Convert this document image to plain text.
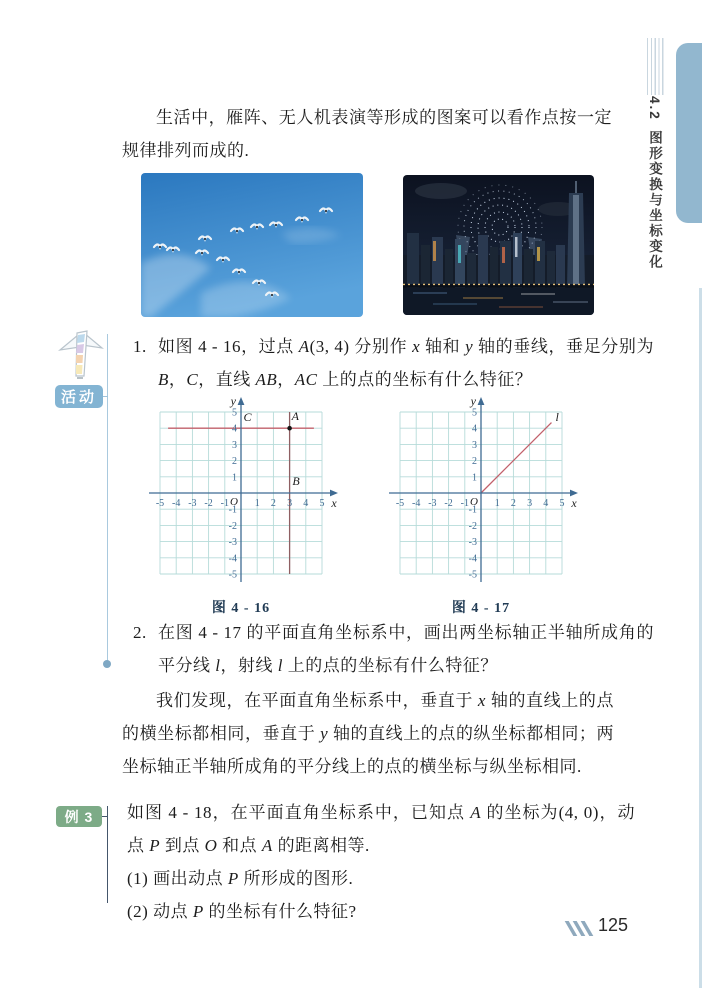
4.2图形变换与坐标变化
生活中，雁阵、无人机表演等形成的图案可以看作点按一定规律排列而成的.
活动
1. 如图 4 - 16，过点 A(3, 4) 分别作 x 轴和 y 轴的垂线，垂足分别为 B，C，直线 AB，AC 上的点的坐标有什么特征？
-5 -4 -3 -2 -1	1 2 3 4 5
-5
-4
-3
-2
-1
1
2
3
4
5
O	x
y
C	A
B
图 4 - 16
-5 -4 -3 -2 -1	1 2 3 4 5
-5
-4
-3
-2
-1
1
2
3
4
5
O	x
y
l
图 4 - 17
2. 在图 4 - 17 的平面直角坐标系中，画出两坐标轴正半轴所成角的平分线 l，射线 l 上的点的坐标有什么特征？
我们发现，在平面直角坐标系中，垂直于 x 轴的直线上的点的横坐标都相同，垂直于 y 轴的直线上的点的纵坐标都相同；两坐标轴正半轴所成角的平分线上的点的横坐标与纵坐标相同.
例 3	如图 4 - 18，在平面直角坐标系中，已知点 A 的坐标为(4, 0)，动点 P 到点 O 和点 A 的距离相等.
(1) 画出动点 P 所形成的图形.
(2) 动点 P 的坐标有什么特征?
125
